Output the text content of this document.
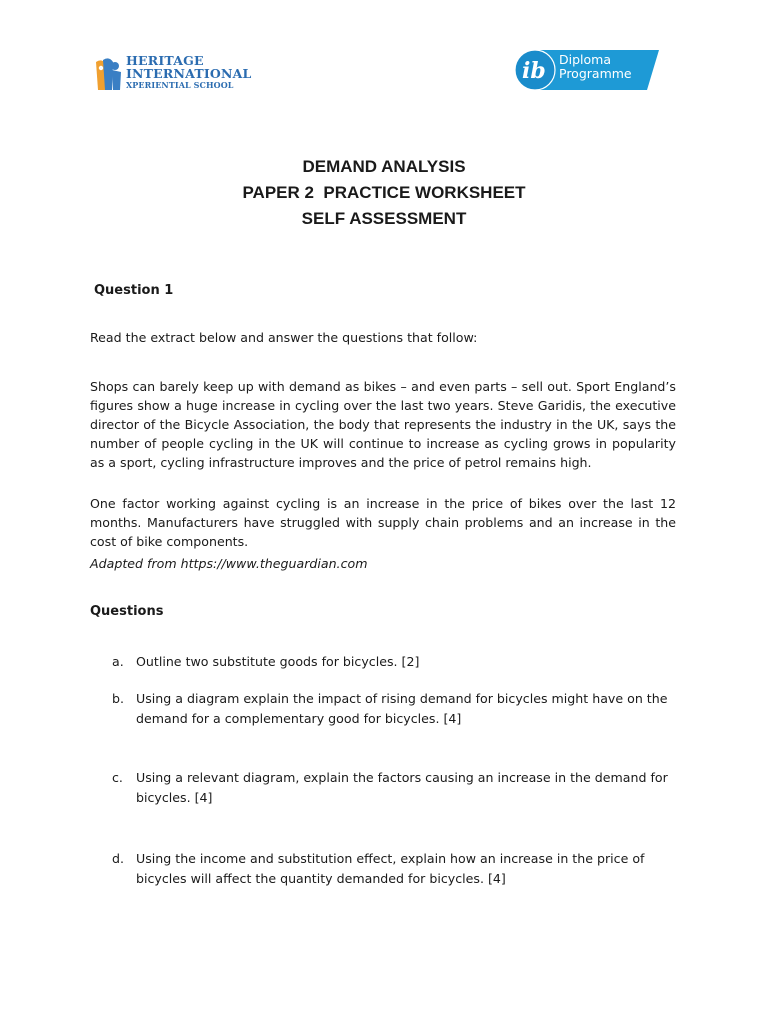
HERITAGE
INTERNATIONAL
XPERIENTIAL SCHOOL
ib Diploma
Programme
DEMAND ANALYSIS
PAPER 2  PRACTICE WORKSHEET
SELF ASSESSMENT
Question 1
Read the extract below and answer the questions that follow:
Shops can barely keep up with demand as bikes – and even parts – sell out. Sport England’s figures show a huge increase in cycling over the last two years. Steve Garidis, the executive director of the Bicycle Association, the body that represents the industry in the UK, says the number of people cycling in the UK will continue to increase as cycling grows in popularity as a sport, cycling infrastructure improves and the price of petrol remains high.
One factor working against cycling is an increase in the price of bikes over the last 12 months. Manufacturers have struggled with supply chain problems and an increase in the cost of bike components.
Adapted from https://www.theguardian.com
Questions
a. Outline two substitute goods for bicycles. [2]
b. Using a diagram explain the impact of rising demand for bicycles might have on the demand for a complementary good for bicycles. [4]
c.	Using a relevant diagram, explain the factors causing an increase in the demand for bicycles. [4]
d. Using the income and substitution effect, explain how an increase in the price of bicycles will affect the quantity demanded for bicycles. [4]
